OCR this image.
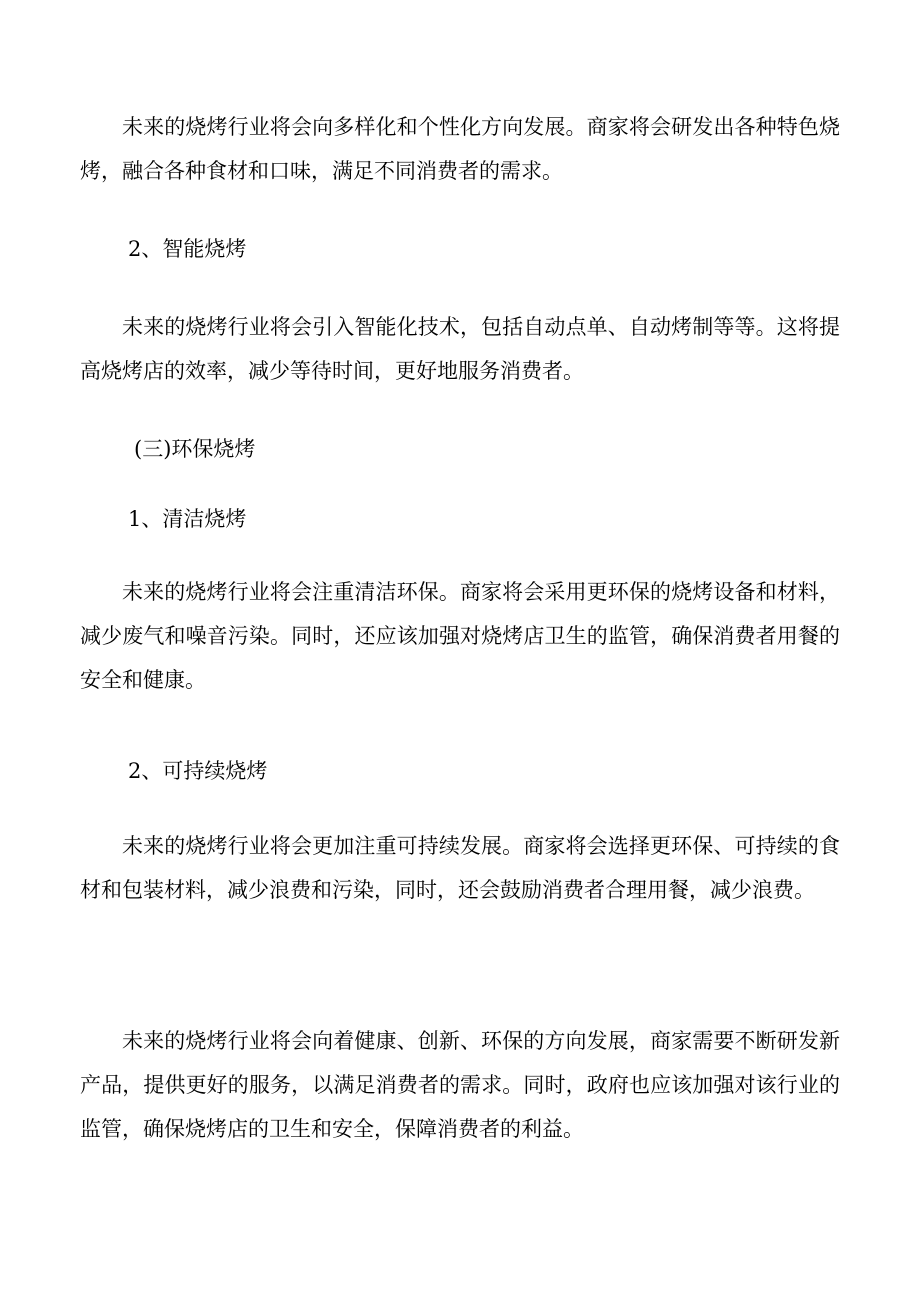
未来的烧烤行业将会向多样化和个性化方向发展。商家将会研发出各种特色烧烤，融合各种食材和口味，满足不同消费者的需求。

2、智能烧烤

未来的烧烤行业将会引入智能化技术，包括自动点单、自动烤制等等。这将提高烧烤店的效率，减少等待时间，更好地服务消费者。

(三)环保烧烤

1、清洁烧烤

未来的烧烤行业将会注重清洁环保。商家将会采用更环保的烧烤设备和材料，减少废气和噪音污染。同时，还应该加强对烧烤店卫生的监管，确保消费者用餐的安全和健康。

2、可持续烧烤

未来的烧烤行业将会更加注重可持续发展。商家将会选择更环保、可持续的食材和包装材料，减少浪费和污染，同时，还会鼓励消费者合理用餐，减少浪费。

未来的烧烤行业将会向着健康、创新、环保的方向发展，商家需要不断研发新产品，提供更好的服务，以满足消费者的需求。同时，政府也应该加强对该行业的监管，确保烧烤店的卫生和安全，保障消费者的利益。
